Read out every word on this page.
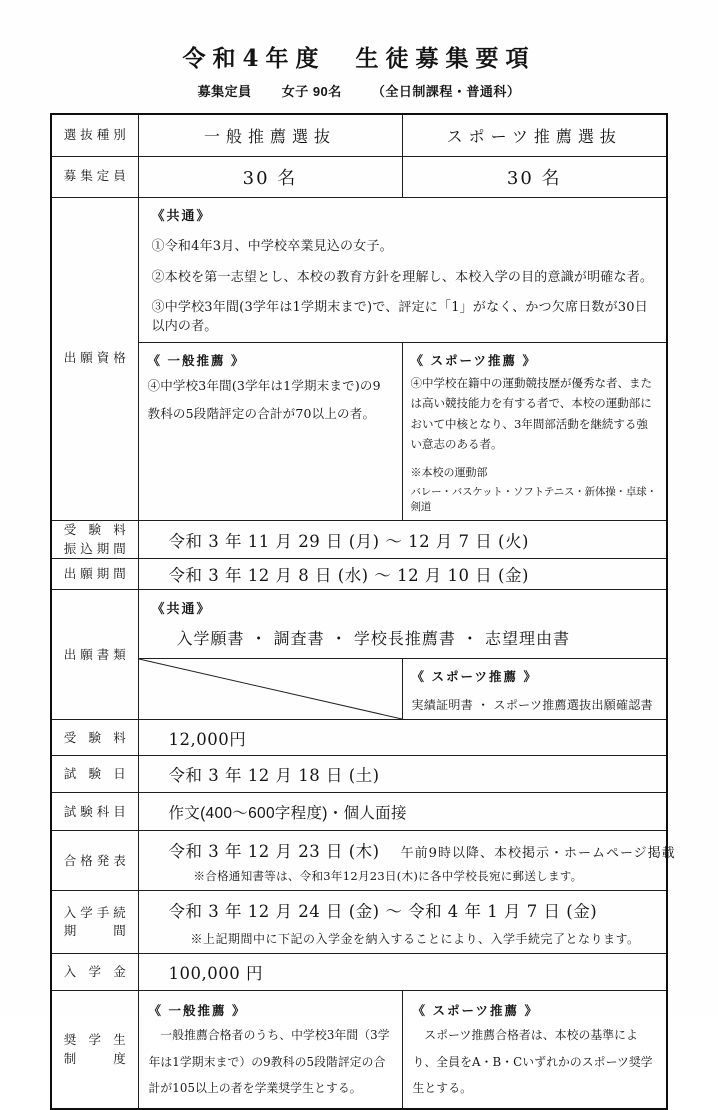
令和4年度　生徒募集要項
募集定員 女子 90名 （全日制課程・普通科）
選抜種別	一般推薦選抜	スポーツ推薦選抜

募集定員	30 名	30 名

出願資格	《共通》
①令和4年3月、中学校卒業見込の女子。
②本校を第一志望とし、本校の教育方針を理解し、本校入学の目的意識が明確な者。
③中学校3年間(3学年は1学期末まで)で、評定に「1」がなく、かつ欠席日数が30日以内の者。	

《 一般推薦 》
④中学校3年間(3学年は1学期末まで)の9教科の5段階評定の合計が70以上の者。

《 スポーツ推薦 》
④中学校在籍中の運動競技歴が優秀な者、または高い競技能力を有する者で、本校の運動部において中核となり、3年間部活動を継続する強い意志のある者。
※本校の運動部
バレー・バスケット・ソフトテニス・新体操・卓球・剣道

受験料
振込期間	令和 3 年 11 月 29 日 (月) ～ 12 月 7 日 (火)	

出願期間	令和 3 年 12 月 8 日 (水) ～ 12 月 10 日 (金)	

出願書類	《共通》
入学願書 ・ 調査書 ・ 学校長推薦書 ・ 志望理由書	

《 スポーツ推薦 》
実績証明書 ・ スポーツ推薦選抜出願確認書

受験料	12,000円	

試験日	令和 3 年 12 月 18 日 (土)	

試験科目	作文(400～600字程度)・個人面接	

合格発表	令和 3 年 12 月 23 日 (木) 午前9時以降、本校掲示・ホームページ掲載
※合格通知書等は、令和3年12月23日(木)に各中学校長宛に郵送します。	

入学手続
期間

令和 3 年 12 月 24 日 (金) ～ 令和 4 年 1 月 7 日 (金)
※上記期間中に下記の入学金を納入することにより、入学手続完了となります。

入学金	100,000 円	

奨学生
制度

《 一般推薦 》
一般推薦合格者のうち、中学校3年間（3学年は1学期末まで）の9教科の5段階評定の合計が105以上の者を学業奨学生とする。

《 スポーツ推薦 》
スポーツ推薦合格者は、本校の基準により、全員をA・B・Cいずれかのスポーツ奨学生とする。
